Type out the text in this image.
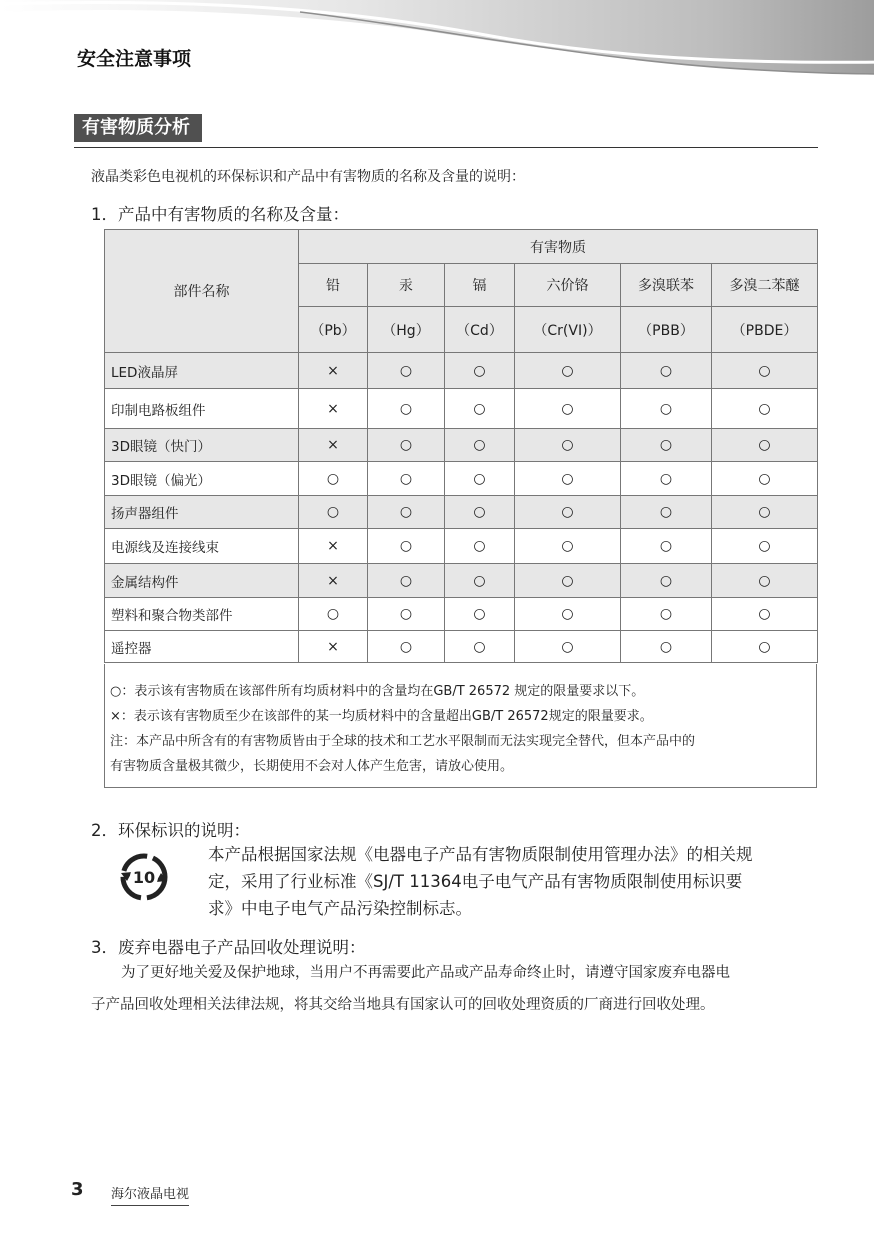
安全注意事项
有害物质分析
液晶类彩色电视机的环保标识和产品中有害物质的名称及含量的说明：
1．产品中有害物质的名称及含量：
部件名称	有害物质					
	铅	汞	镉	六价铬	多溴联苯	多溴二苯醚
	（Pb）	（Hg）	（Cd）	（Cr(VI)）	（PBB）	（PBDE）
LED液晶屏	×	○	○	○	○	○
印制电路板组件	×	○	○	○	○	○
3D眼镜（快门）	×	○	○	○	○	○
3D眼镜（偏光）	○	○	○	○	○	○
扬声器组件	○	○	○	○	○	○
电源线及连接线束	×	○	○	○	○	○
金属结构件	×	○	○	○	○	○
塑料和聚合物类部件	○	○	○	○	○	○
遥控器	×	○	○	○	○	○
○：表示该有害物质在该部件所有均质材料中的含量均在GB/T 26572 规定的限量要求以下。
×：表示该有害物质至少在该部件的某一均质材料中的含量超出GB/T 26572规定的限量要求。
注：本产品中所含有的有害物质皆由于全球的技术和工艺水平限制而无法实现完全替代，但本产品中的
有害物质含量极其微少，长期使用不会对人体产生危害，请放心使用。
2．环保标识的说明：
10
本产品根据国家法规《电器电子产品有害物质限制使用管理办法》的相关规
定，采用了行业标准《SJ/T 11364电子电气产品有害物质限制使用标识要
求》中电子电气产品污染控制标志。
3．废弃电器电子产品回收处理说明：
为了更好地关爱及保护地球，当用户不再需要此产品或产品寿命终止时，请遵守国家废弃电器电
子产品回收处理相关法律法规，将其交给当地具有国家认可的回收处理资质的厂商进行回收处理。
3 海尔液晶电视
